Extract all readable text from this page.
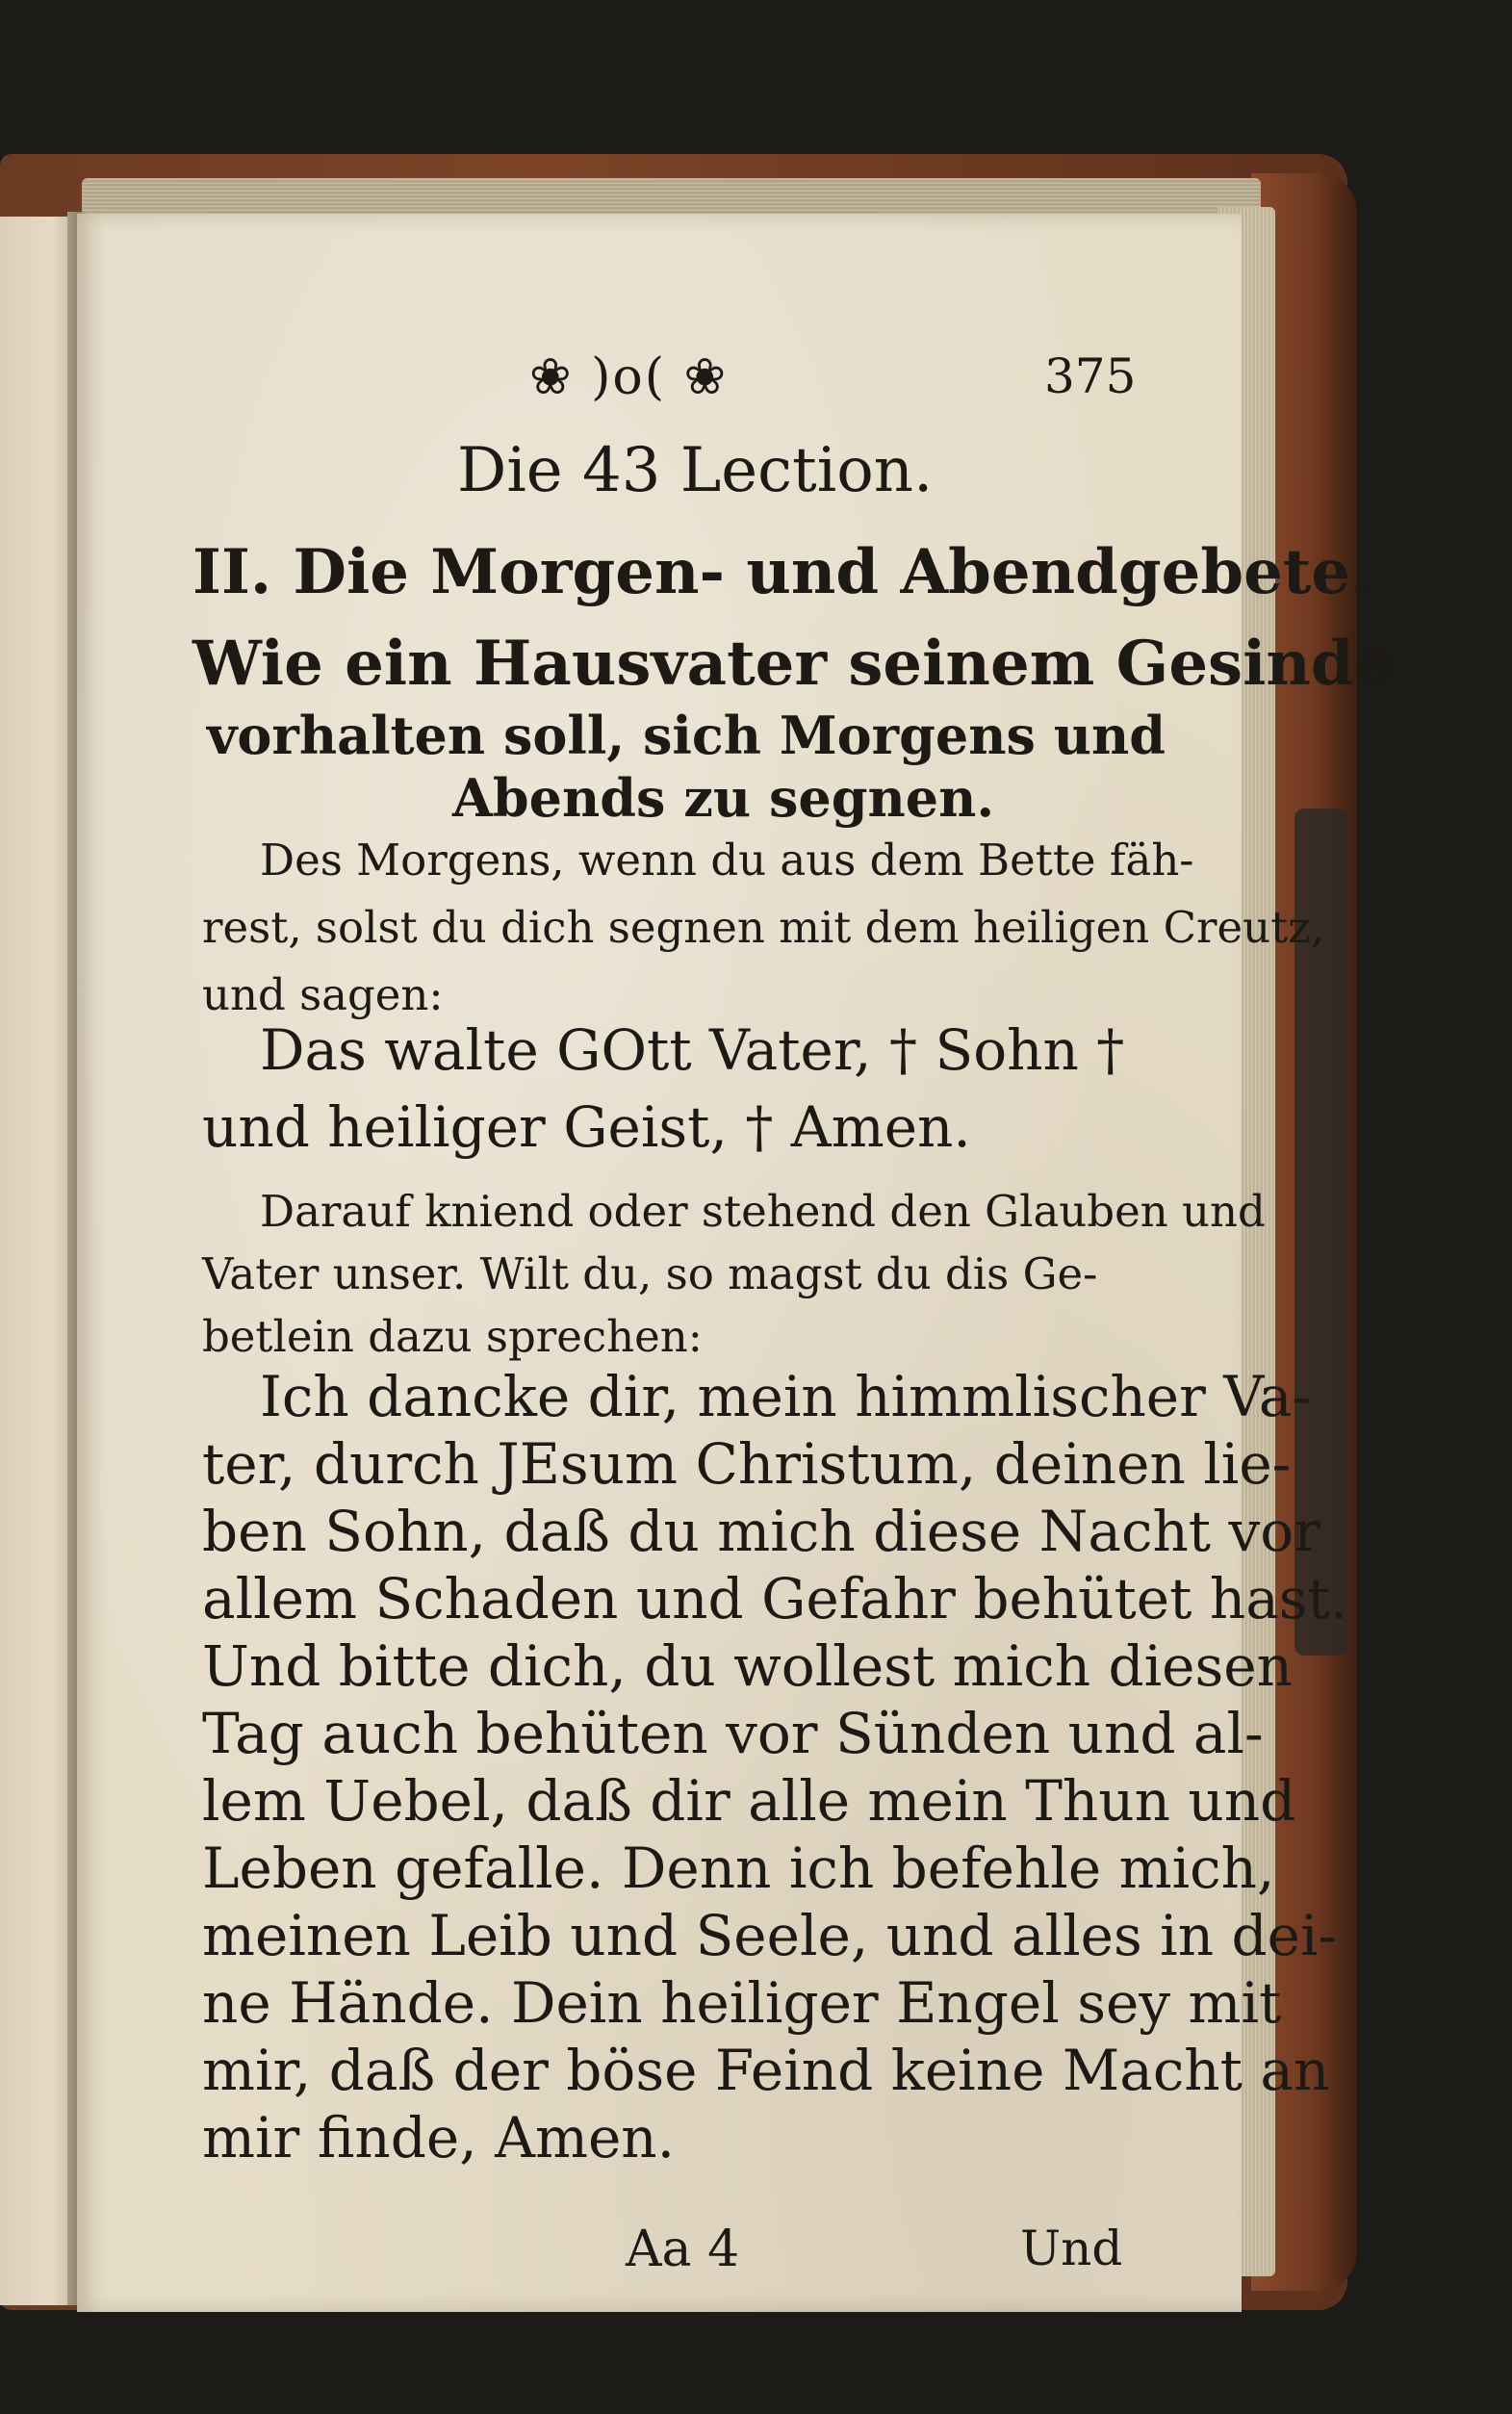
❀ )o( ❀	375
Die 43 Lection.
II. Die Morgen- und Abendgebete.
Wie ein Hausvater seinem Gesinde
vorhalten soll, sich Morgens und
Abends zu segnen.
Des Morgens, wenn du aus dem Bette fäh-
rest, solst du dich segnen mit dem heiligen Creutz,
und sagen:
Das walte GOtt Vater, † Sohn †
und heiliger Geist, † Amen.
Darauf kniend oder stehend den Glauben und
Vater unser. Wilt du, so magst du dis Ge-
betlein dazu sprechen:
Ich dancke dir, mein himmlischer Va-
ter, durch JEsum Christum, deinen lie-
ben Sohn, daß du mich diese Nacht vor
allem Schaden und Gefahr behütet hast.
Und bitte dich, du wollest mich diesen
Tag auch behüten vor Sünden und al-
lem Uebel, daß dir alle mein Thun und
Leben gefalle. Denn ich befehle mich,
meinen Leib und Seele, und alles in dei-
ne Hände. Dein heiliger Engel sey mit
mir, daß der böse Feind keine Macht an
mir finde, Amen.
Aa 4	Und
